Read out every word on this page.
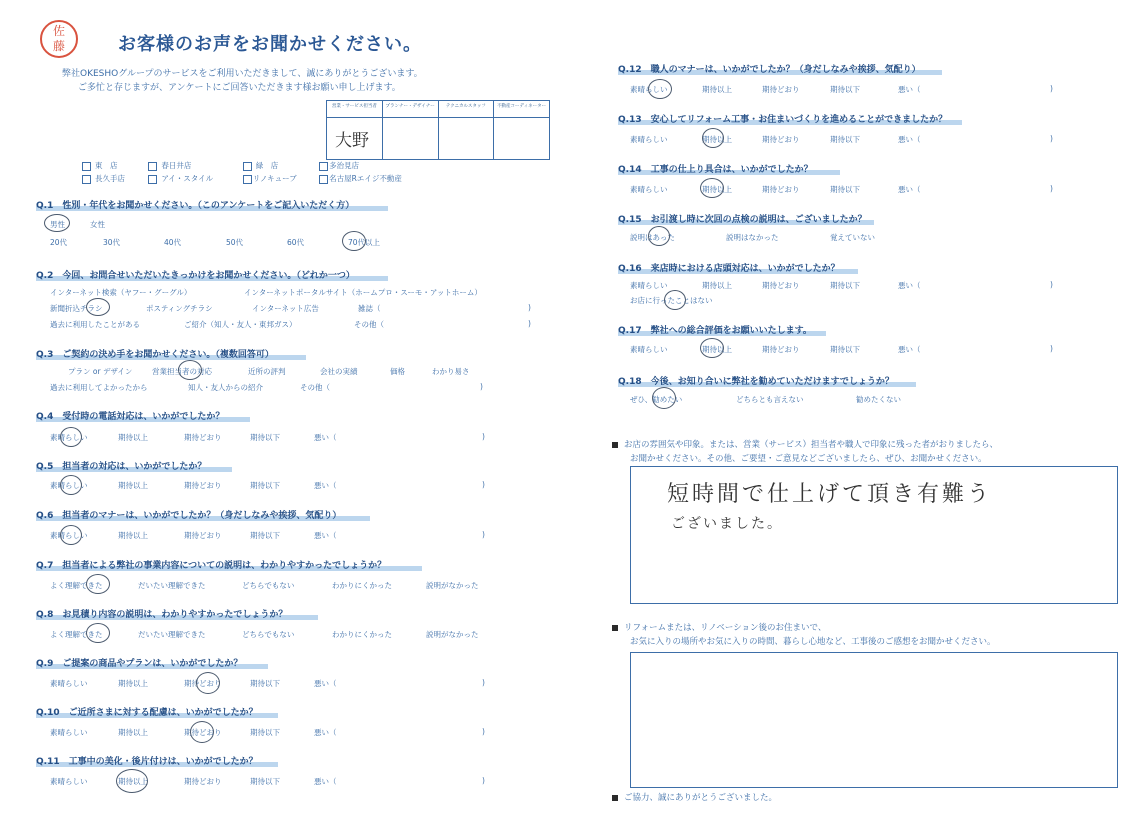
佐藤	お客様のお声をお聞かせください。
弊社OKESHOグループのサービスをご利用いただきまして、誠にありがとうございます。
ご多忙と存じますが、アンケートにご回答いただきます様お願い申し上げます。
営業・サービス担当者	プランナー・デザイナー	テクニカルスタッフ	不動産コーディネーター
大野
東　店	春日井店	緑　店	多治見店
長久手店	アイ・スタイル	リノキューブ	名古屋Rエイジ不動産
Q.1　性別・年代をお聞かせください。（このアンケートをご記入いただく方）
男性	女性
20代	30代	40代	50代	60代	70代以上
Q.2　今回、お問合せいただいたきっかけをお聞かせください。（どれか一つ）
インターネット検索（ヤフー・グーグル）	インターネットポータルサイト（ホームプロ・スーモ・アットホーム）
新聞折込チラシ	ポスティングチラシ	インターネット広告	雑誌（	)
過去に利用したことがある	ご紹介（知人・友人・東邦ガス）	その他（	)
Q.3　ご契約の決め手をお聞かせください。（複数回答可）
プラン or デザイン	営業担当者の対応	近所の評判	会社の実績	価格	わかり易さ
過去に利用してよかったから	知人・友人からの紹介	その他（	)
Q.4　受付時の電話対応は、いかがでしたか？
素晴らしい	期待以上	期待どおり	期待以下	悪い（	)
Q.5　担当者の対応は、いかがでしたか？
素晴らしい	期待以上	期待どおり	期待以下	悪い（	)
Q.6　担当者のマナーは、いかがでしたか？（身だしなみや挨拶、気配り）
素晴らしい	期待以上	期待どおり	期待以下	悪い（	)
Q.7　担当者による弊社の事業内容についての説明は、わかりやすかったでしょうか？
よく理解できた	だいたい理解できた	どちらでもない	わかりにくかった	説明がなかった
Q.8　お見積り内容の説明は、わかりやすかったでしょうか？
よく理解できた	だいたい理解できた	どちらでもない	わかりにくかった	説明がなかった
Q.9　ご提案の商品やプランは、いかがでしたか？
素晴らしい	期待以上	期待どおり	期待以下	悪い（	)
Q.10　ご近所さまに対する配慮は、いかがでしたか？
素晴らしい	期待以上	期待どおり	期待以下	悪い（	)
Q.11　工事中の美化・後片付けは、いかがでしたか？
素晴らしい	期待以上	期待どおり	期待以下	悪い（	)
Q.12　職人のマナーは、いかがでしたか？（身だしなみや挨拶、気配り）
素晴らしい	期待以上	期待どおり	期待以下	悪い（	)
Q.13　安心してリフォーム工事・お住まいづくりを進めることができましたか？
素晴らしい	期待以上	期待どおり	期待以下	悪い（	)
Q.14　工事の仕上り具合は、いかがでしたか？
素晴らしい	期待以上	期待どおり	期待以下	悪い（	)
Q.15　お引渡し時に次回の点検の説明は、ございましたか？
説明はあった	説明はなかった	覚えていない
Q.16　来店時における店頭対応は、いかがでしたか？
素晴らしい	期待以上	期待どおり	期待以下	悪い（	)
お店に行ったことはない
Q.17　弊社への総合評価をお願いいたします。
素晴らしい	期待以上	期待どおり	期待以下	悪い（	)
Q.18　今後、お知り合いに弊社を勧めていただけますでしょうか？
ぜひ、勧めたい	どちらとも言えない	勧めたくない
お店の雰囲気や印象。または、営業（サービス）担当者や職人で印象に残った者がおりましたら、
お聞かせください。その他、ご要望・ご意見などございましたら、ぜひ、お聞かせください。
短時間で仕上げて頂き有難う
ございました。
リフォームまたは、リノベーション後のお住まいで、
お気に入りの場所やお気に入りの時間、暮らし心地など、工事後のご感想をお聞かせください。
ご協力、誠にありがとうございました。
